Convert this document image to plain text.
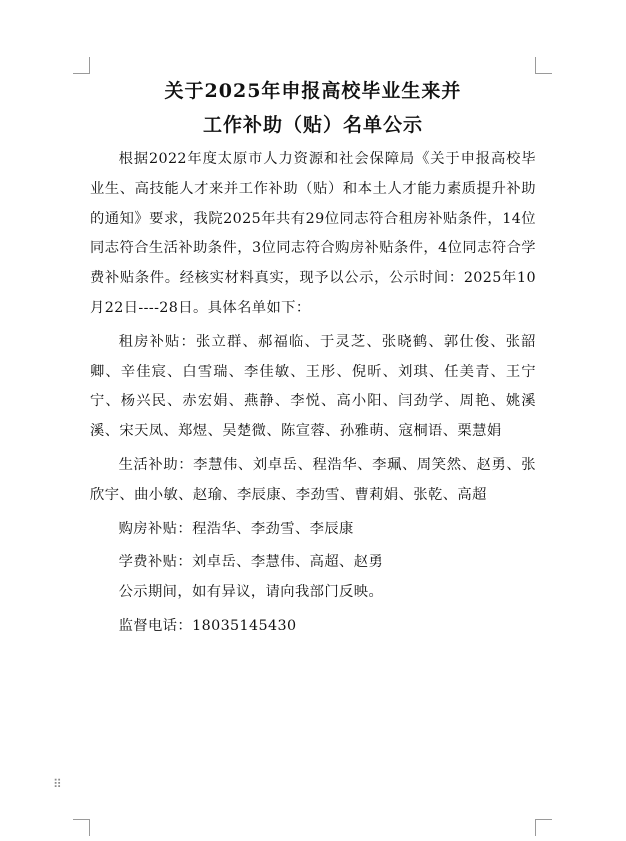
关于2025年申报高校毕业生来并
工作补助（贴）名单公示

根据2022年度太原市人力资源和社会保障局《关于申报高校毕业生、高技能人才来并工作补助（贴）和本土人才能力素质提升补助的通知》要求，我院2025年共有29位同志符合租房补贴条件，14位同志符合生活补助条件，3位同志符合购房补贴条件，4位同志符合学费补贴条件。经核实材料真实，现予以公示，公示时间：2025年10月22日----28日。具体名单如下：

租房补贴：张立群、郝福临、于灵芝、张晓鹤、郭仕俊、张韶卿、辛佳宸、白雪瑞、李佳敏、王彤、倪昕、刘琪、任美青、王宁宁、杨兴民、赤宏娟、燕静、李悦、高小阳、闫劲学、周艳、姚溪溪、宋天凤、郑煜、吴楚微、陈宣蓉、孙雅萌、寇桐语、栗慧娟

生活补助：李慧伟、刘卓岳、程浩华、李珮、周笑然、赵勇、张欣宇、曲小敏、赵瑜、李辰康、李劲雪、曹莉娟、张乾、高超

购房补贴：程浩华、李劲雪、李辰康

学费补贴：刘卓岳、李慧伟、高超、赵勇

公示期间，如有异议，请向我部门反映。

监督电话：18035145430

⠿
